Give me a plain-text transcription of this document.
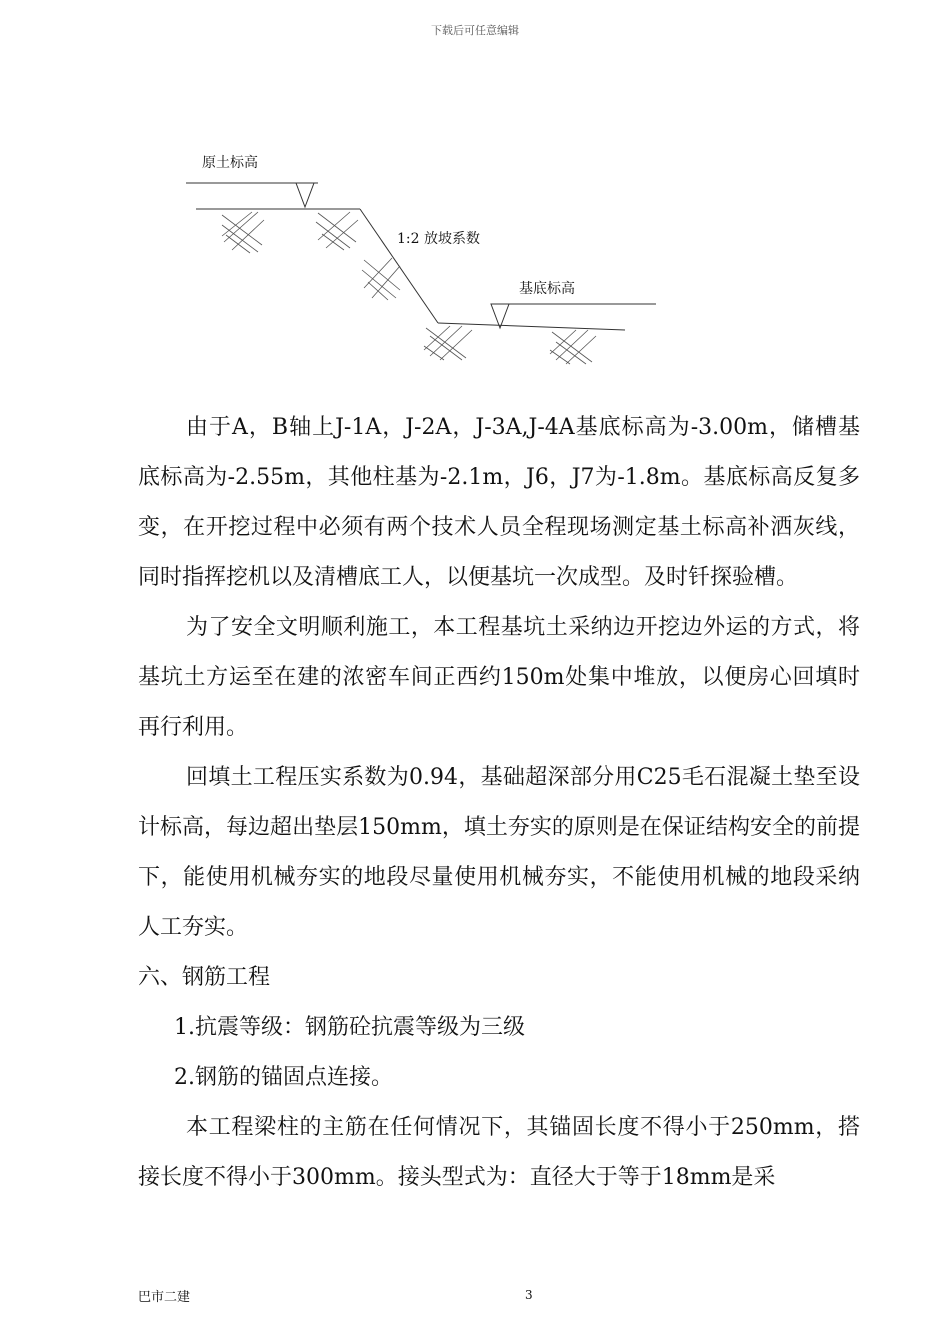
下载后可任意编辑
原土标高
1:2 放坡系数
基底标高

由于A，B轴上J-1A，J-2A，J-3A,J-4A基底标高为-3.00m，储槽基底标高为-2.55m，其他柱基为-2.1m，J6，J7为-1.8m。基底标高反复多变，在开挖过程中必须有两个技术人员全程现场测定基土标高补洒灰线，同时指挥挖机以及清槽底工人，以便基坑一次成型。及时钎探验槽。

为了安全文明顺利施工，本工程基坑土采纳边开挖边外运的方式，将基坑土方运至在建的浓密车间正西约150m处集中堆放，以便房心回填时再行利用。

回填土工程压实系数为0.94，基础超深部分用C25毛石混凝土垫至设计标高，每边超出垫层150mm，填土夯实的原则是在保证结构安全的前提下，能使用机械夯实的地段尽量使用机械夯实，不能使用机械的地段采纳人工夯实。

六、钢筋工程

1.抗震等级：钢筋砼抗震等级为三级

2.钢筋的锚固点连接。

本工程梁柱的主筋在任何情况下，其锚固长度不得小于250mm，搭接长度不得小于300mm。接头型式为：直径大于等于18mm是采

巴市二建	3
